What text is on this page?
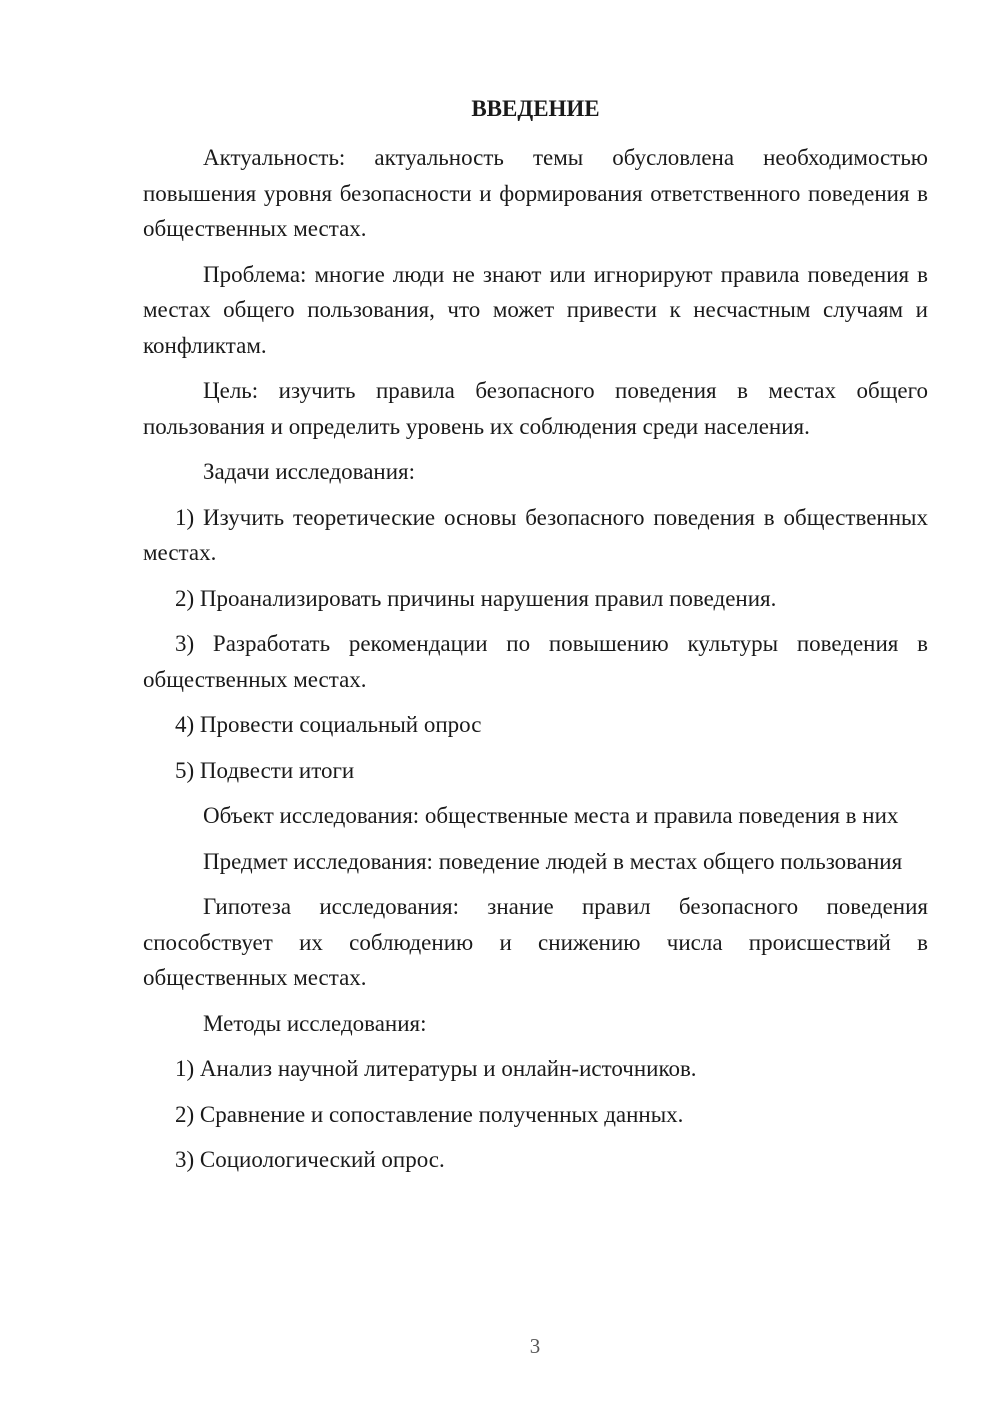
ВВЕДЕНИЕ

Актуальность: актуальность темы обусловлена необходимостью повышения уровня безопасности и формирования ответственного поведения в общественных местах.

Проблема: многие люди не знают или игнорируют правила поведения в местах общего пользования, что может привести к несчастным случаям и конфликтам.

Цель: изучить правила безопасного поведения в местах общего пользования и определить уровень их соблюдения среди населения.

Задачи исследования:

1) Изучить теоретические основы безопасного поведения в общественных местах.

2) Проанализировать причины нарушения правил поведения.

3) Разработать рекомендации по повышению культуры поведения в общественных местах.

4) Провести социальный опрос

5) Подвести итоги

Объект исследования: общественные места и правила поведения в них

Предмет исследования: поведение людей в местах общего пользования

Гипотеза исследования: знание правил безопасного поведения способствует их соблюдению и снижению числа происшествий в общественных местах.

Методы исследования:

1) Анализ научной литературы и онлайн-источников.

2) Сравнение и сопоставление полученных данных.

3) Социологический опрос.

3
